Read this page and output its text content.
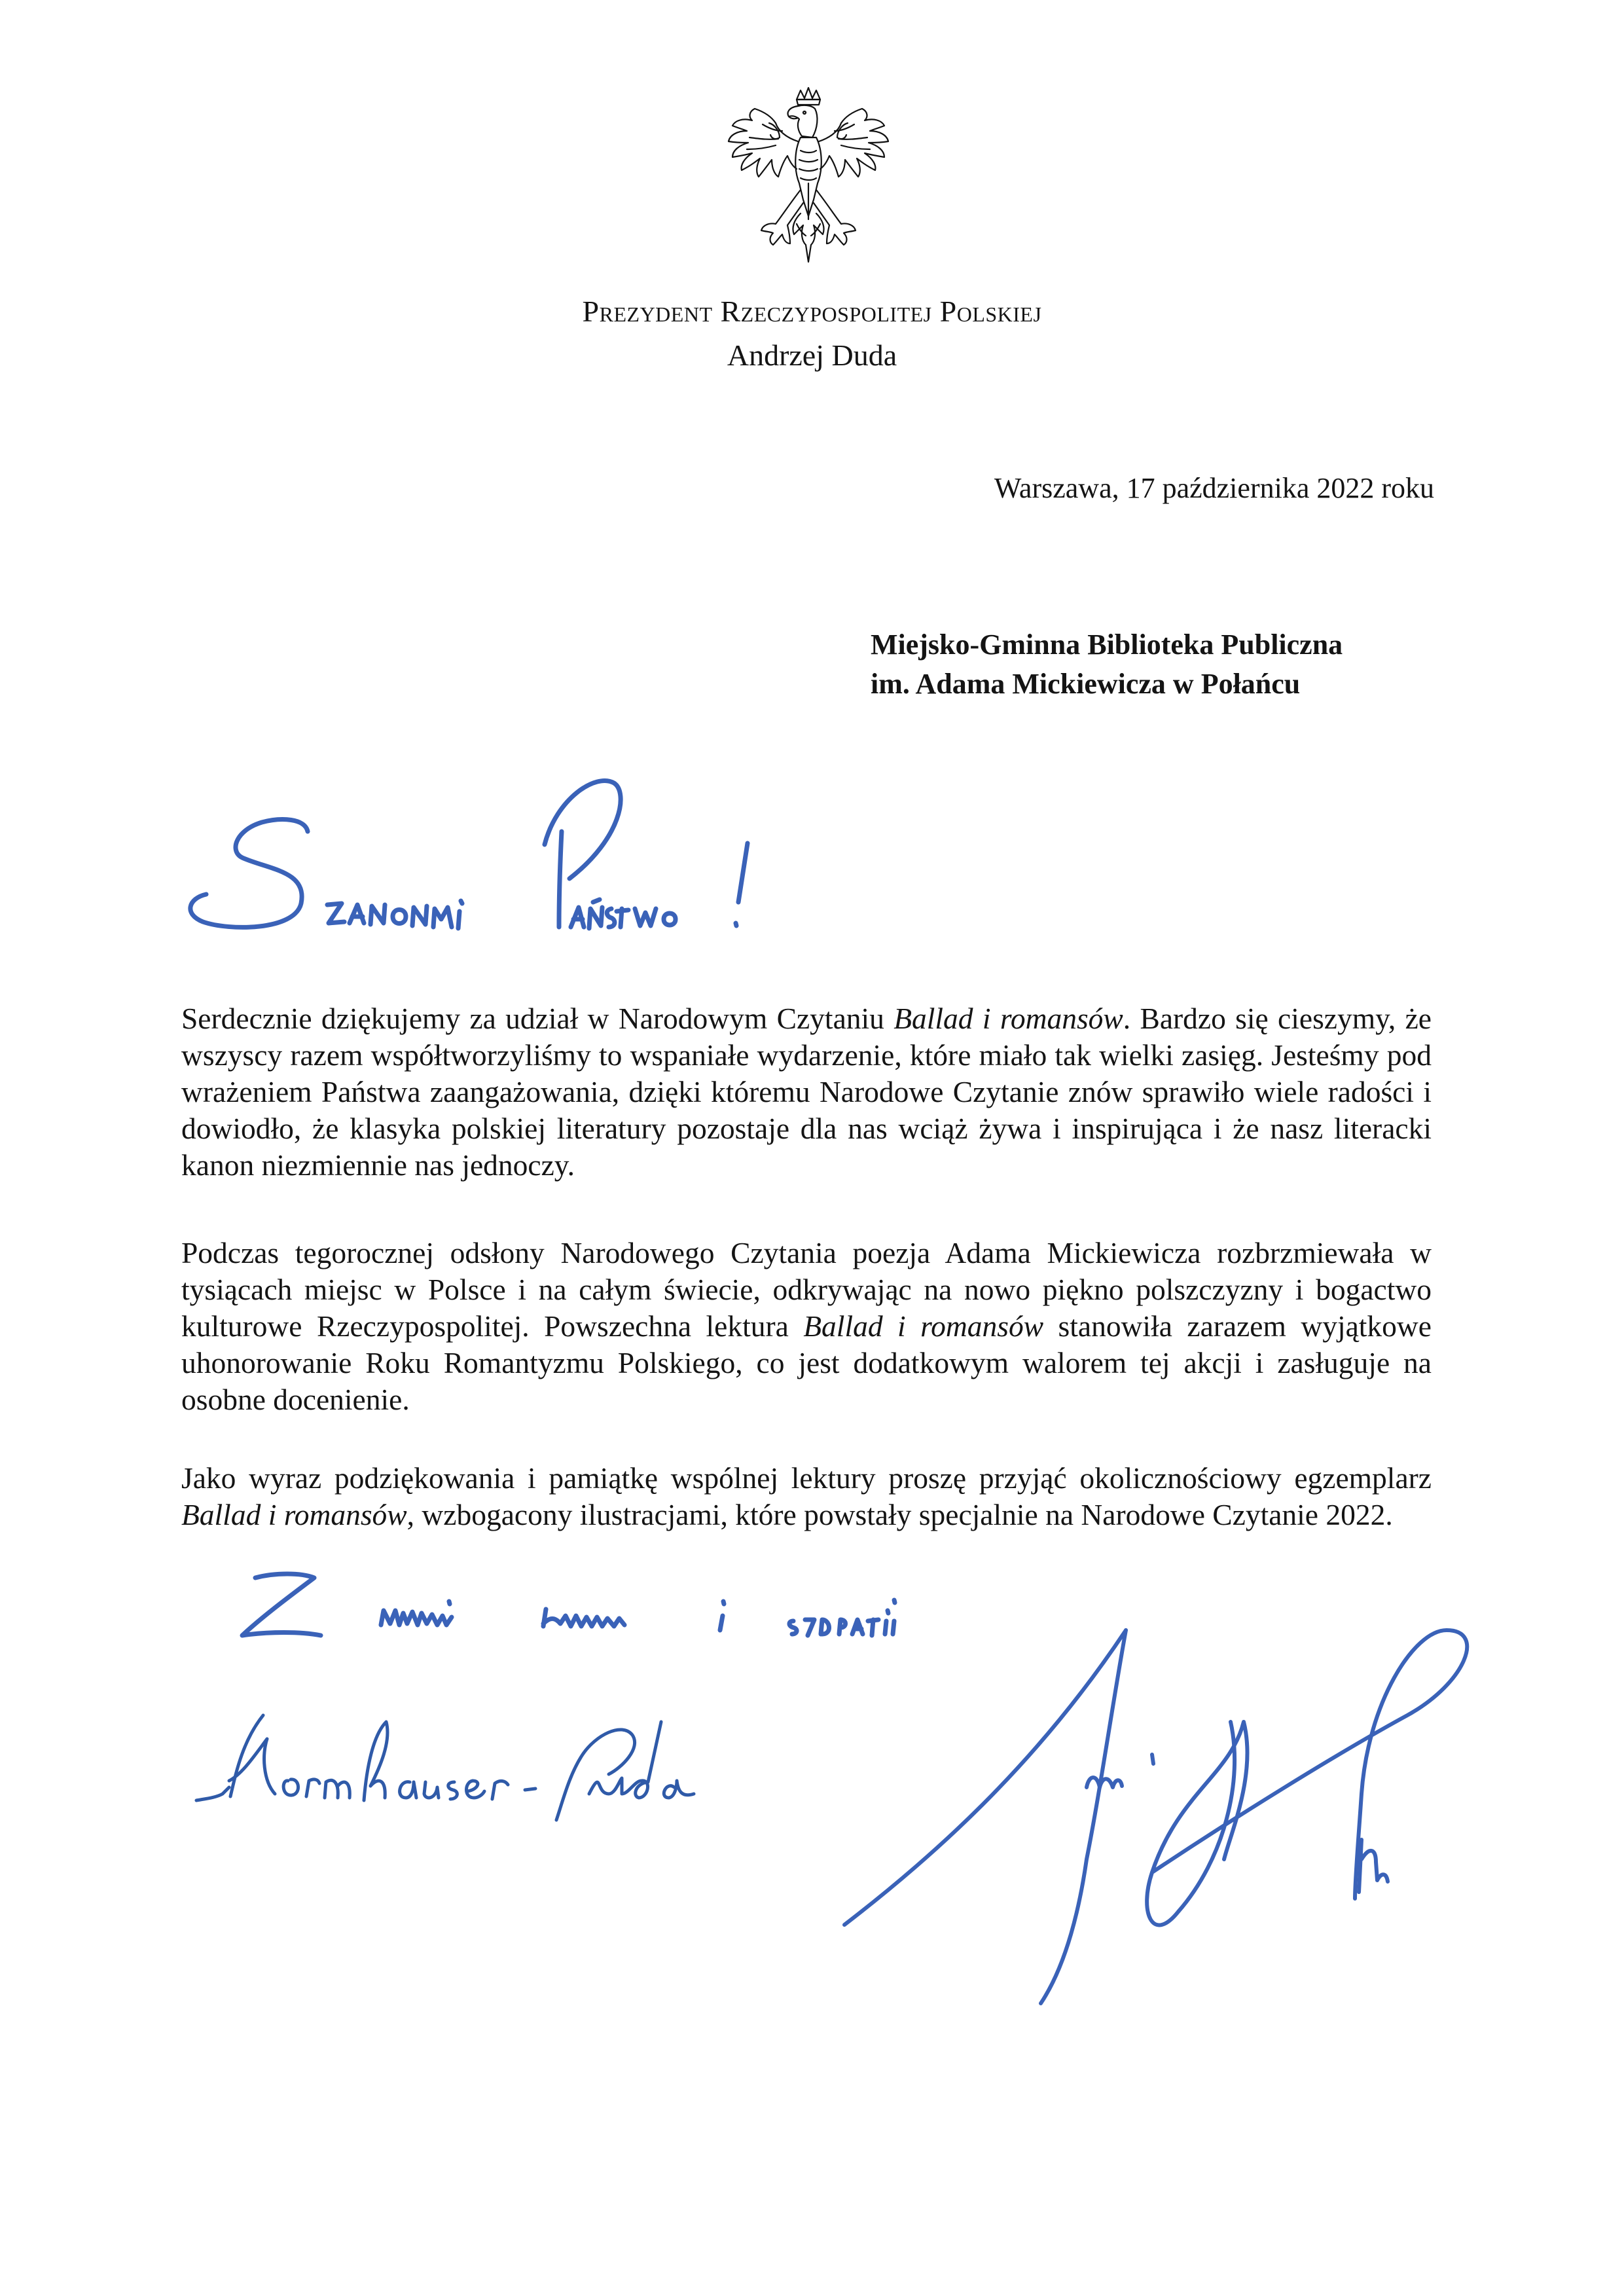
Prezydent Rzeczypospolitej Polskiej
Andrzej Duda
Warszawa, 17 października 2022 roku
Miejsko-Gminna Biblioteka Publiczna
im. Adama Mickiewicza w Połańcu

Serdecznie dziękujemy za udział w Narodowym Czytaniu Ballad i romansów. Bardzo się cieszymy, że wszyscy razem współtworzyliśmy to wspaniałe wydarzenie, które miało tak wielki zasięg. Jesteśmy pod wrażeniem Państwa zaangażowania, dzięki któremu Narodowe Czytanie znów sprawiło wiele radości i dowiodło, że klasyka polskiej literatury pozostaje dla nas wciąż żywa i inspirująca i że nasz literacki kanon niezmiennie nas jednoczy.

Podczas tegorocznej odsłony Narodowego Czytania poezja Adama Mickiewicza rozbrzmiewała w tysiącach miejsc w Polsce i na całym świecie, odkrywając na nowo piękno polszczyzny i bogactwo kulturowe Rzeczypospolitej. Powszechna lektura Ballad i romansów stanowiła zarazem wyjątkowe uhonorowanie Roku Romantyzmu Polskiego, co jest dodatkowym walorem tej akcji i zasługuje na osobne docenienie.

Jako wyraz podziękowania i pamiątkę wspólnej lektury proszę przyjąć okolicznościowy egzemplarz Ballad i romansów, wzbogacony ilustracjami, które powstały specjalnie na Narodowe Czytanie 2022.
